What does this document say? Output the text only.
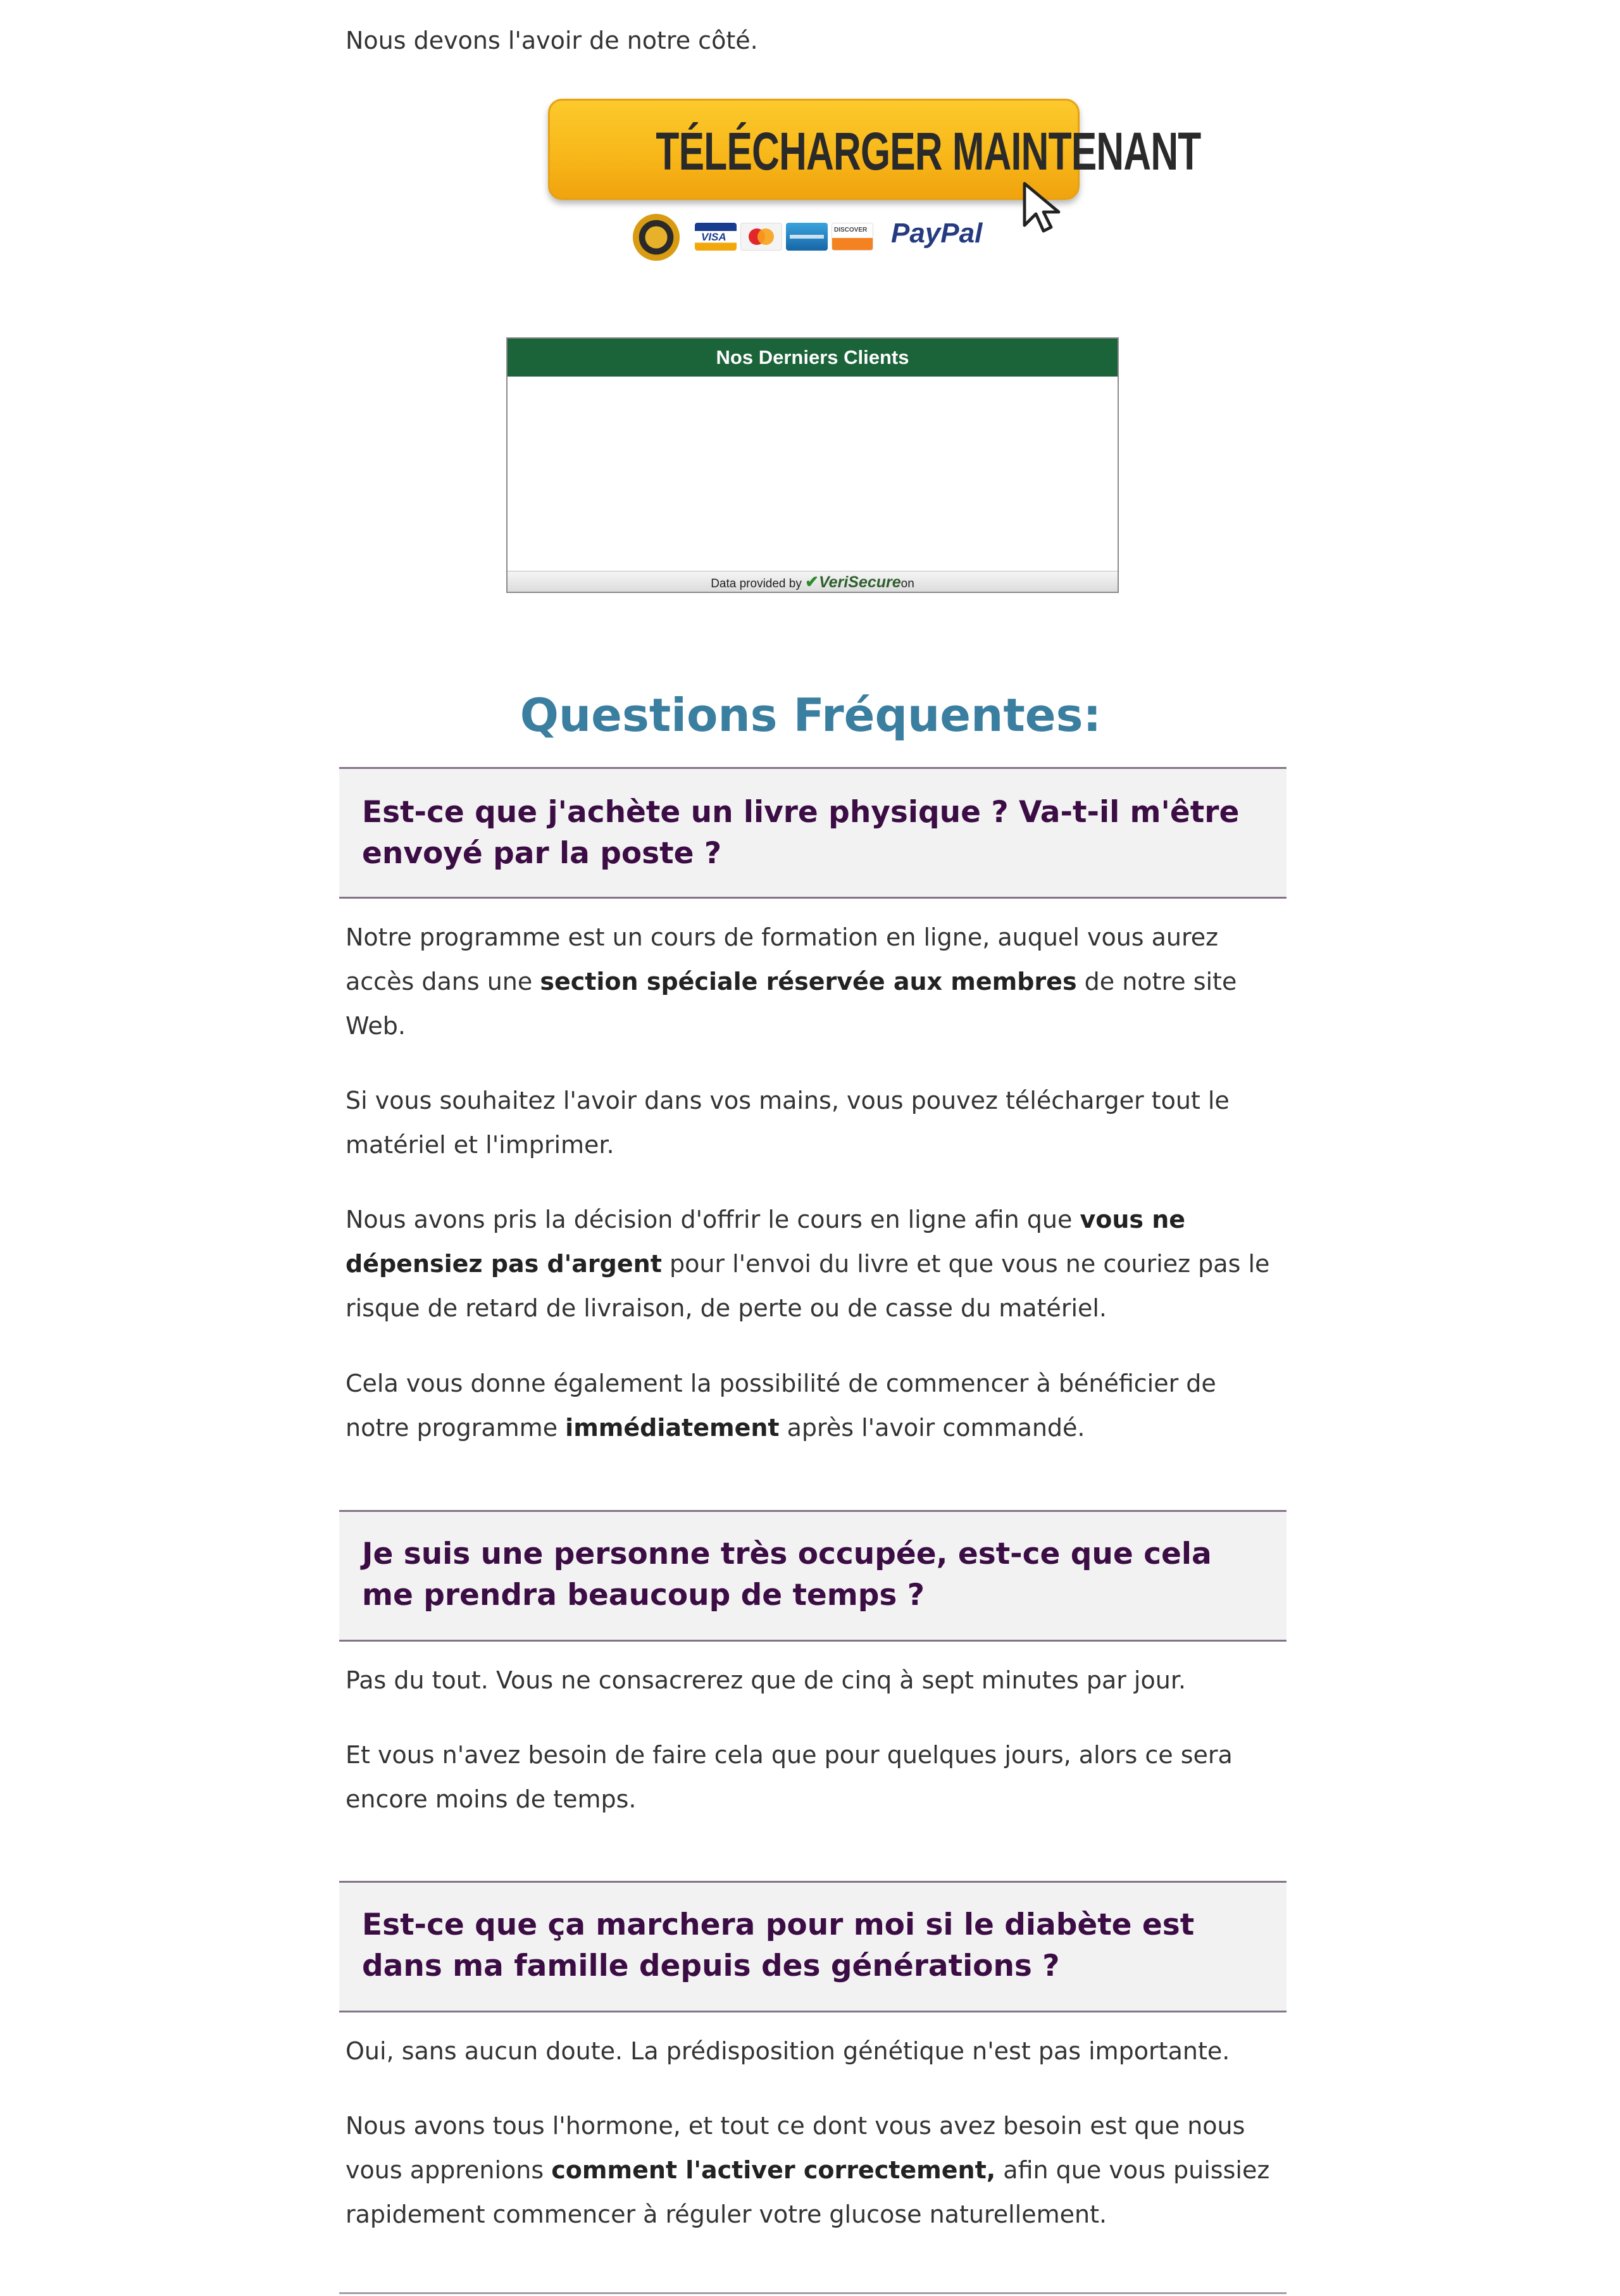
Nous devons l'avoir de notre côté.

TÉLÉCHARGER MAINTENANT
VISA
DISCOVER PayPal
Nos Derniers Clients
Data provided by ✔VeriSecureon
Questions Fréquentes:
Est-ce que j'achète un livre physique ? Va-t-il m'être envoyé par la poste ?

Notre programme est un cours de formation en ligne, auquel vous aurez accès dans une section spéciale réservée aux membres de notre site Web.

Si vous souhaitez l'avoir dans vos mains, vous pouvez télécharger tout le matériel et l'imprimer.

Nous avons pris la décision d'offrir le cours en ligne afin que vous ne dépensiez pas d'argent pour l'envoi du livre et que vous ne couriez pas le risque de retard de livraison, de perte ou de casse du matériel.

Cela vous donne également la possibilité de commencer à bénéficier de notre programme immédiatement après l'avoir commandé.

Je suis une personne très occupée, est-ce que cela me prendra beaucoup de temps ?

Pas du tout. Vous ne consacrerez que de cinq à sept minutes par jour.

Et vous n'avez besoin de faire cela que pour quelques jours, alors ce sera encore moins de temps.

Est-ce que ça marchera pour moi si le diabète est dans ma famille depuis des générations ?

Oui, sans aucun doute. La prédisposition génétique n'est pas importante.

Nous avons tous l'hormone, et tout ce dont vous avez besoin est que nous vous apprenions comment l'activer correctement, afin que vous puissiez rapidement commencer à réguler votre glucose naturellement.
